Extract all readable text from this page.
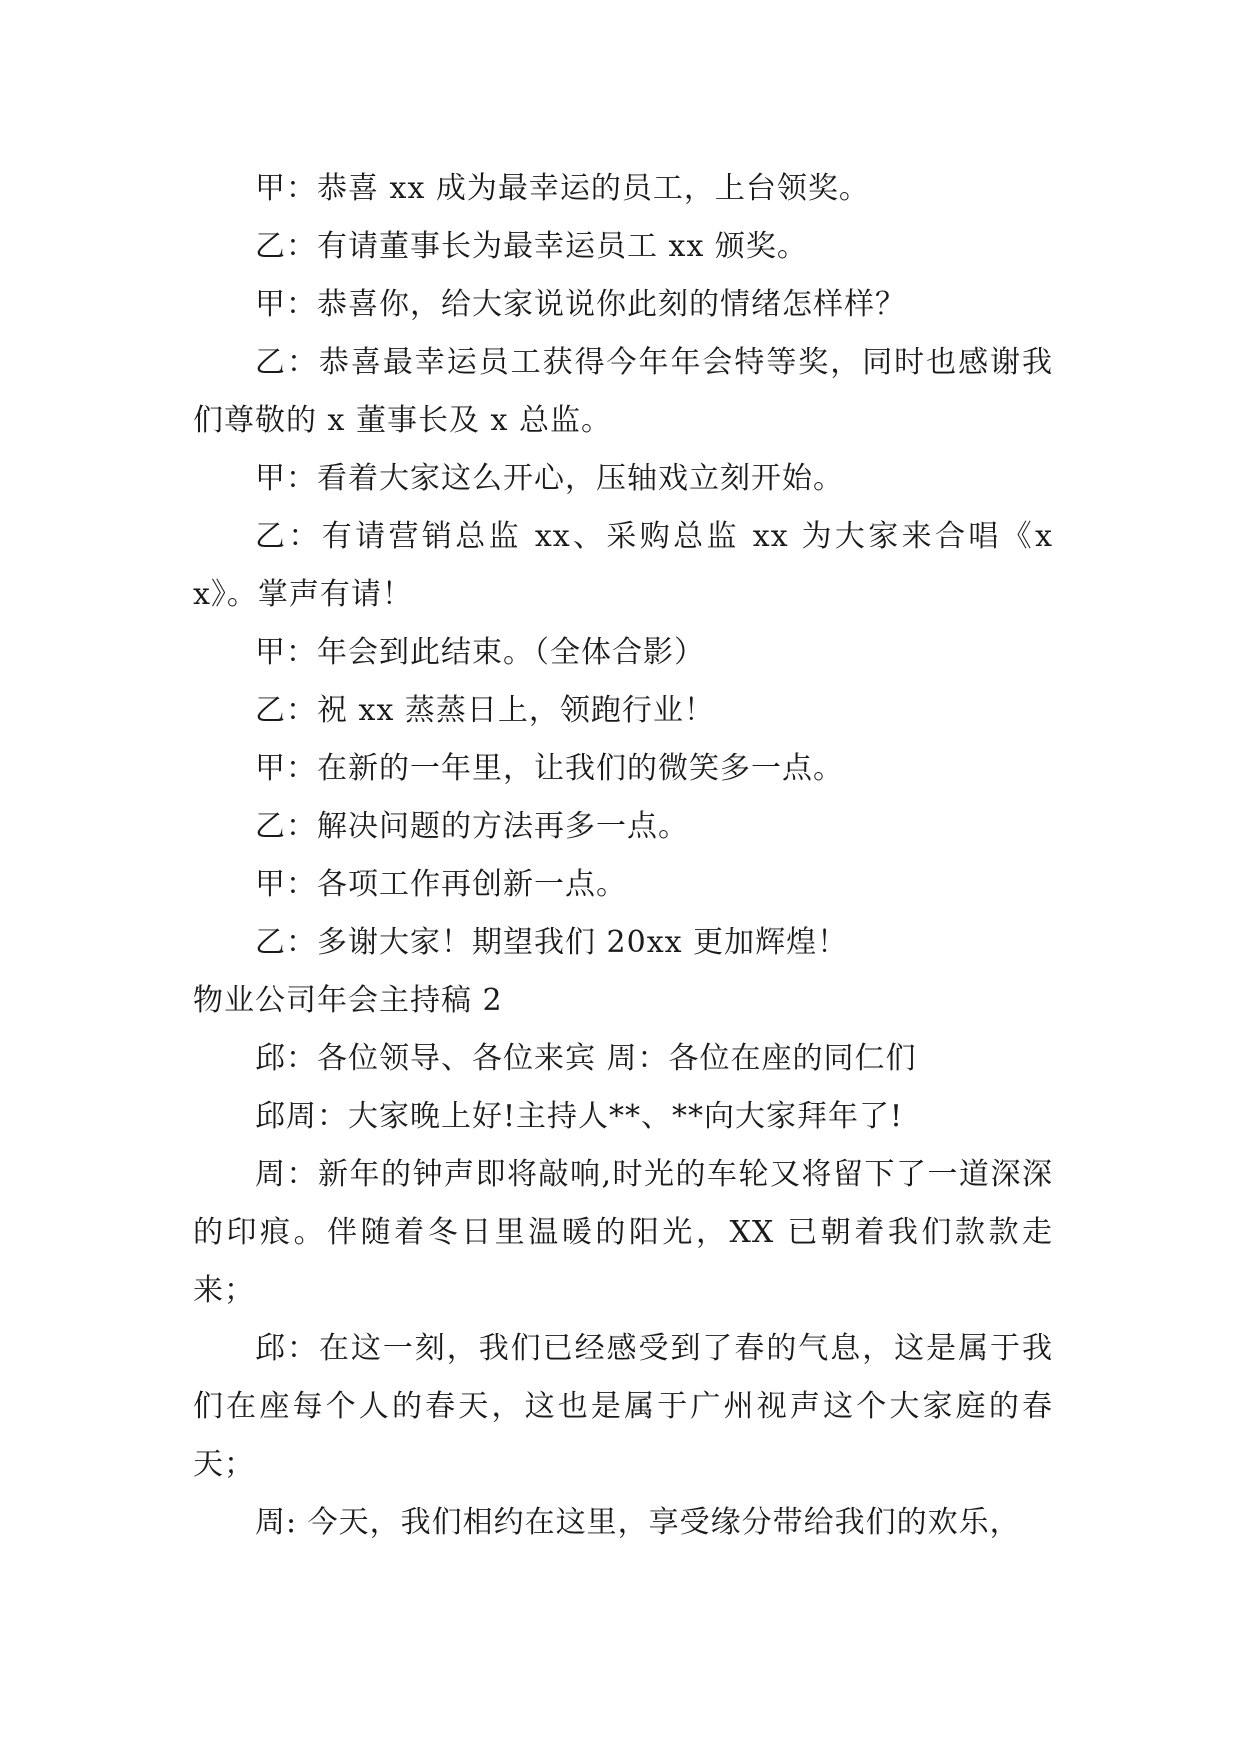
甲：恭喜 xx 成为最幸运的员工，上台领奖。

乙：有请董事长为最幸运员工 xx 颁奖。

甲：恭喜你，给大家说说你此刻的情绪怎样样？

乙：恭喜最幸运员工获得今年年会特等奖，同时也感谢我们尊敬的 x 董事长及 x 总监。

甲：看着大家这么开心，压轴戏立刻开始。

乙：有请营销总监 xx、采购总监 xx 为大家来合唱《xx》。掌声有请！

甲：年会到此结束。（全体合影）

乙：祝 xx 蒸蒸日上，领跑行业！

甲：在新的一年里，让我们的微笑多一点。

乙：解决问题的方法再多一点。

甲：各项工作再创新一点。

乙：多谢大家！期望我们 20xx 更加辉煌！

物业公司年会主持稿 2

邱：各位领导、各位来宾 周：各位在座的同仁们

邱周：大家晚上好!主持人**、**向大家拜年了!

周：新年的钟声即将敲响,时光的车轮又将留下了一道深深的印痕。伴随着冬日里温暖的阳光，XX 已朝着我们款款走来；

邱：在这一刻，我们已经感受到了春的气息，这是属于我们在座每个人的春天，这也是属于广州视声这个大家庭的春天；

周: 今天，我们相约在这里，享受缘分带给我们的欢乐，
